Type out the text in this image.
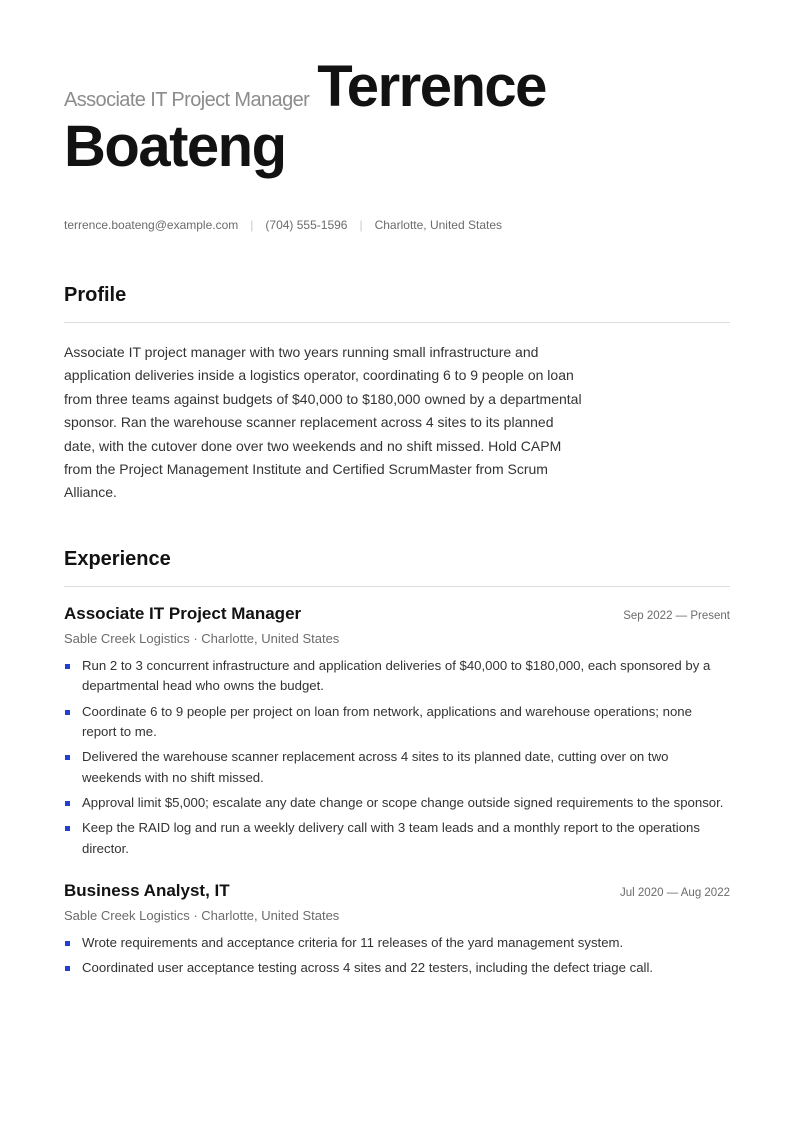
Associate IT Project Manager Terrence
Boateng
terrence.boateng@example.com | (704) 555-1596 | Charlotte, United States
Profile

Associate IT project manager with two years running small infrastructure and application deliveries inside a logistics operator, coordinating 6 to 9 people on loan from three teams against budgets of $40,000 to $180,000 owned by a departmental sponsor. Ran the warehouse scanner replacement across 4 sites to its planned date, with the cutover done over two weekends and no shift missed. Hold CAPM from the Project Management Institute and Certified ScrumMaster from Scrum Alliance.

Experience
Associate IT Project Manager	Sep 2022 — Present
Sable Creek Logistics · Charlotte, United States
Run 2 to 3 concurrent infrastructure and application deliveries of $40,000 to $180,000, each sponsored by a departmental head who owns the budget.
Coordinate 6 to 9 people per project on loan from network, applications and warehouse operations; none report to me.
Delivered the warehouse scanner replacement across 4 sites to its planned date, cutting over on two weekends with no shift missed.
Approval limit $5,000; escalate any date change or scope change outside signed requirements to the sponsor.
Keep the RAID log and run a weekly delivery call with 3 team leads and a monthly report to the operations director.
Business Analyst, IT	Jul 2020 — Aug 2022
Sable Creek Logistics · Charlotte, United States
Wrote requirements and acceptance criteria for 11 releases of the yard management system.
Coordinated user acceptance testing across 4 sites and 22 testers, including the defect triage call.
